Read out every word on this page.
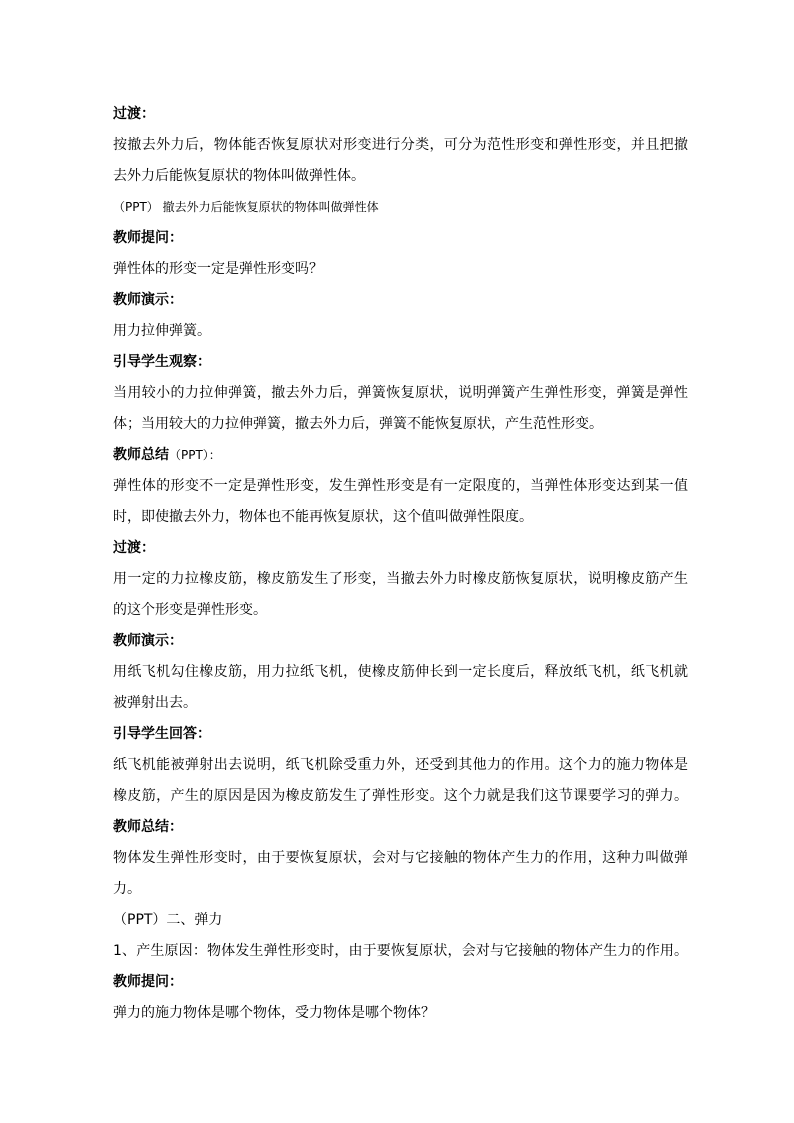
过渡：
按撤去外力后，物体能否恢复原状对形变进行分类，可分为范性形变和弹性形变，并且把撤
去外力后能恢复原状的物体叫做弹性体。
（PPT） 撤去外力后能恢复原状的物体叫做弹性体
教师提问：
弹性体的形变一定是弹性形变吗？
教师演示：
用力拉伸弹簧。
引导学生观察：
当用较小的力拉伸弹簧，撤去外力后，弹簧恢复原状，说明弹簧产生弹性形变，弹簧是弹性
体；当用较大的力拉伸弹簧，撤去外力后，弹簧不能恢复原状，产生范性形变。
教师总结（PPT）：
弹性体的形变不一定是弹性形变，发生弹性形变是有一定限度的，当弹性体形变达到某一值
时，即使撤去外力，物体也不能再恢复原状，这个值叫做弹性限度。
过渡：
用一定的力拉橡皮筋，橡皮筋发生了形变，当撤去外力时橡皮筋恢复原状，说明橡皮筋产生
的这个形变是弹性形变。
教师演示：
用纸飞机勾住橡皮筋，用力拉纸飞机，使橡皮筋伸长到一定长度后，释放纸飞机，纸飞机就
被弹射出去。
引导学生回答：
纸飞机能被弹射出去说明，纸飞机除受重力外，还受到其他力的作用。这个力的施力物体是
橡皮筋，产生的原因是因为橡皮筋发生了弹性形变。这个力就是我们这节课要学习的弹力。
教师总结：
物体发生弹性形变时，由于要恢复原状，会对与它接触的物体产生力的作用，这种力叫做弹
力。
（PPT）二、弹力
1、产生原因：物体发生弹性形变时，由于要恢复原状，会对与它接触的物体产生力的作用。
教师提问：
弹力的施力物体是哪个物体，受力物体是哪个物体？
